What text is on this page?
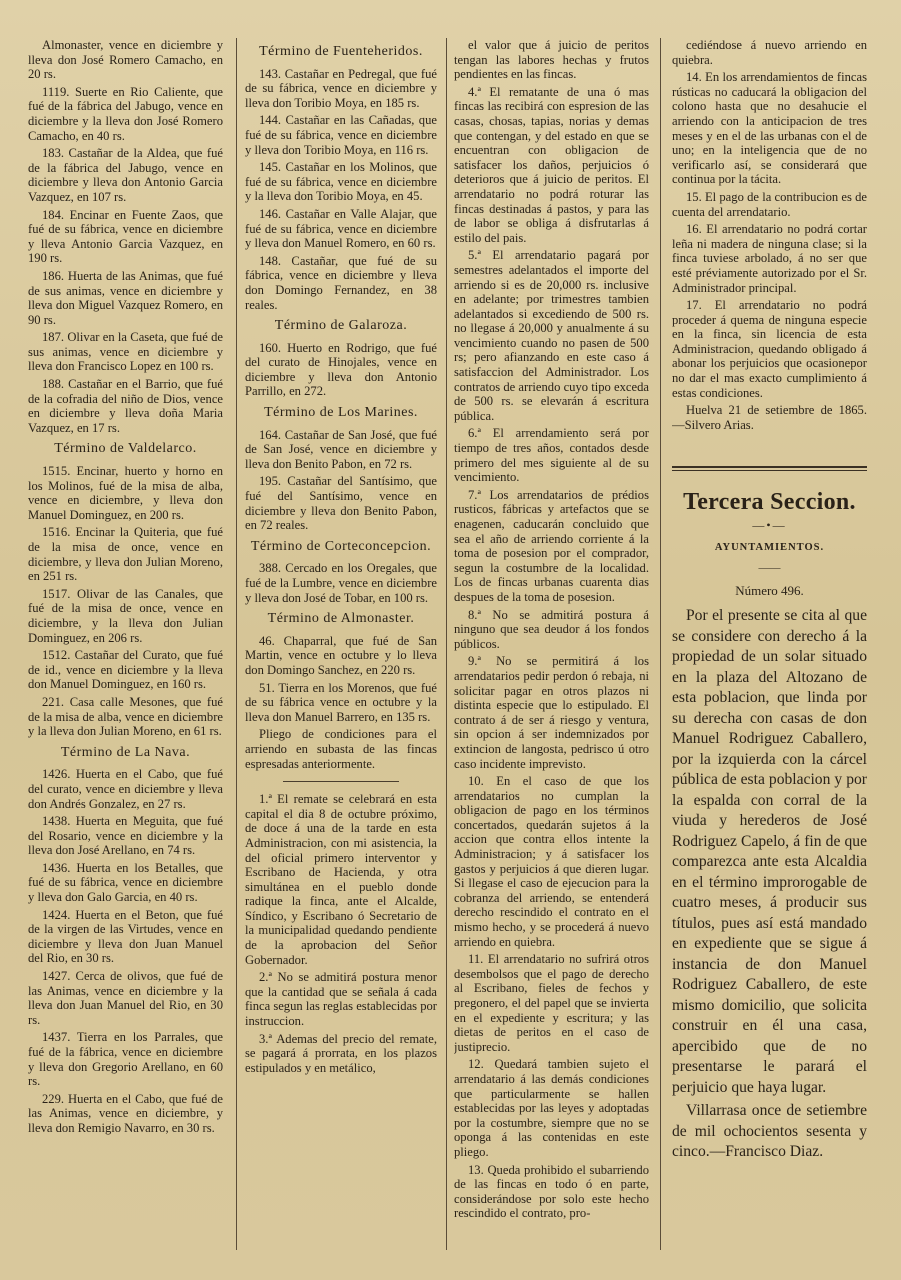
Almonaster, vence en diciembre y lleva don José Romero Camacho, en 20 rs.

1119. Suerte en Rio Caliente, que fué de la fábrica del Jabugo, vence en diciembre y la lleva don José Romero Camacho, en 40 rs.

183. Castañar de la Aldea, que fué de la fábrica del Jabugo, vence en diciembre y lleva don Antonio Garcia Vazquez, en 107 rs.

184. Encinar en Fuente Zaos, que fué de su fábrica, vence en diciembre y lleva Antonio Garcia Vazquez, en 190 rs.

186. Huerta de las Animas, que fué de sus animas, vence en diciembre y lleva don Miguel Vazquez Romero, en 90 rs.

187. Olivar en la Caseta, que fué de sus animas, vence en diciembre y lleva don Francisco Lopez en 100 rs.

188. Castañar en el Barrio, que fué de la cofradia del niño de Dios, vence en diciembre y lleva doña Maria Vazquez, en 17 rs.

Término de Valdelarco.

1515. Encinar, huerto y horno en los Molinos, fué de la misa de alba, vence en diciembre, y lleva don Manuel Dominguez, en 200 rs.

1516. Encinar la Quiteria, que fué de la misa de once, vence en diciembre, y lleva don Julian Moreno, en 251 rs.

1517. Olivar de las Canales, que fué de la misa de once, vence en diciembre, y la lleva don Julian Dominguez, en 206 rs.

1512. Castañar del Curato, que fué de id., vence en diciembre y la lleva don Manuel Dominguez, en 160 rs.

221. Casa calle Mesones, que fué de la misa de alba, vence en diciembre y la lleva don Julian Moreno, en 61 rs.

Término de La Nava.

1426. Huerta en el Cabo, que fué del curato, vence en diciembre y lleva don Andrés Gonzalez, en 27 rs.

1438. Huerta en Meguita, que fué del Rosario, vence en diciembre y la lleva don José Arellano, en 74 rs.

1436. Huerta en los Betalles, que fué de su fábrica, vence en diciembre y lleva don Galo Garcia, en 40 rs.

1424. Huerta en el Beton, que fué de la virgen de las Virtudes, vence en diciembre y lleva don Juan Manuel del Rio, en 30 rs.

1427. Cerca de olivos, que fué de las Animas, vence en diciembre y la lleva don Juan Manuel del Rio, en 30 rs.

1437. Tierra en los Parrales, que fué de la fábrica, vence en diciembre y lleva don Gregorio Arellano, en 60 rs.

229. Huerta en el Cabo, que fué de las Animas, vence en diciembre, y lleva don Remigio Navarro, en 30 rs.

Término de Fuenteheridos.

143. Castañar en Pedregal, que fué de su fábrica, vence en diciembre y lleva don Toribio Moya, en 185 rs.

144. Castañar en las Cañadas, que fué de su fábrica, vence en diciembre y lleva don Toribio Moya, en 116 rs.

145. Castañar en los Molinos, que fué de su fábrica, vence en diciembre y la lleva don Toribio Moya, en 45.

146. Castañar en Valle Alajar, que fué de su fábrica, vence en diciembre y lleva don Manuel Romero, en 60 rs.

148. Castañar, que fué de su fábrica, vence en diciembre y lleva don Domingo Fernandez, en 38 reales.

Término de Galaroza.

160. Huerto en Rodrigo, que fué del curato de Hinojales, vence en diciembre y lleva don Antonio Parrillo, en 272.

Término de Los Marines.

164. Castañar de San José, que fué de San José, vence en diciembre y lleva don Benito Pabon, en 72 rs.

195. Castañar del Santísimo, que fué del Santísimo, vence en diciembre y lleva don Benito Pabon, en 72 reales.

Término de Corteconcepcion.

388. Cercado en los Oregales, que fué de la Lumbre, vence en diciembre y lleva don José de Tobar, en 100 rs.

Término de Almonaster.

46. Chaparral, que fué de San Martin, vence en octubre y lo lleva don Domingo Sanchez, en 220 rs.

51. Tierra en los Morenos, que fué de su fábrica vence en octubre y la lleva don Manuel Barrero, en 135 rs.

Pliego de condiciones para el arriendo en subasta de las fincas espresadas anteriormente.

1.ª El remate se celebrará en esta capital el dia 8 de octubre próximo, de doce á una de la tarde en esta Administracion, con mi asistencia, la del oficial primero interventor y Escribano de Hacienda, y otra simultánea en el pueblo donde radique la finca, ante el Alcalde, Síndico, y Escribano ó Secretario de la municipalidad quedando pendiente de la aprobacion del Señor Gobernador.

2.ª No se admitirá postura menor que la cantidad que se señala á cada finca segun las reglas establecidas por instruccion.

3.ª Ademas del precio del remate, se pagará á prorrata, en los plazos estipulados y en metálico,

el valor que á juicio de peritos tengan las labores hechas y frutos pendientes en las fincas.

4.ª El rematante de una ó mas fincas las recibirá con espresion de las casas, chosas, tapias, norias y demas que contengan, y del estado en que se encuentran con obligacion de satisfacer los daños, perjuicios ó deterioros que á juicio de peritos. El arrendatario no podrá roturar las fincas destinadas á pastos, y para las de labor se obliga á disfrutarlas á estilo del pais.

5.ª El arrendatario pagará por semestres adelantados el importe del arriendo si es de 20,000 rs. inclusive en adelante; por trimestres tambien adelantados si excediendo de 500 rs. no llegase á 20,000 y anualmente á su vencimiento cuando no pasen de 500 rs; pero afianzando en este caso á satisfaccion del Administrador. Los contratos de arriendo cuyo tipo exceda de 500 rs. se elevarán á escritura pública.

6.ª El arrendamiento será por tiempo de tres años, contados desde primero del mes siguiente al de su vencimiento.

7.ª Los arrendatarios de prédios rusticos, fábricas y artefactos que se enagenen, caducarán concluido que sea el año de arriendo corriente á la toma de posesion por el comprador, segun la costumbre de la localidad. Los de fincas urbanas cuarenta dias despues de la toma de posesion.

8.ª No se admitirá postura á ninguno que sea deudor á los fondos públicos.

9.ª No se permitirá á los arrendatarios pedir perdon ó rebaja, ni solicitar pagar en otros plazos ni distinta especie que lo estipulado. El contrato á de ser á riesgo y ventura, sin opcion á ser indemnizados por extincion de langosta, pedrisco ú otro caso incidente imprevisto.

10. En el caso de que los arrendatarios no cumplan la obligacion de pago en los términos concertados, quedarán sujetos á la accion que contra ellos intente la Administracion; y á satisfacer los gastos y perjuicios á que dieren lugar. Si llegase el caso de ejecucion para la cobranza del arriendo, se entenderá derecho rescindido el contrato en el mismo hecho, y se procederá á nuevo arriendo en quiebra.

11. El arrendatario no sufrirá otros desembolsos que el pago de derecho al Escribano, fieles de fechos y pregonero, el del papel que se invierta en el expediente y escritura; y las dietas de peritos en el caso de justiprecio.

12. Quedará tambien sujeto el arrendatario á las demás condiciones que particularmente se hallen establecidas por las leyes y adoptadas por la costumbre, siempre que no se oponga á las contenidas en este pliego.

13. Queda prohibido el subarriendo de las fincas en todo ó en parte, considerándose por solo este hecho rescindido el contrato, pro-

cediéndose á nuevo arriendo en quiebra.

14. En los arrendamientos de fincas rústicas no caducará la obligacion del colono hasta que no desahucie el arriendo con la anticipacion de tres meses y en el de las urbanas con el de uno; en la inteligencia que de no verificarlo así, se considerará que continua por la tácita.

15. El pago de la contribucion es de cuenta del arrendatario.

16. El arrendatario no podrá cortar leña ni madera de ninguna clase; si la finca tuviese arbolado, á no ser que esté préviamente autorizado por el Sr. Administrador principal.

17. El arrendatario no podrá proceder á quema de ninguna especie en la finca, sin licencia de esta Administracion, quedando obligado á abonar los perjuicios que ocasionepor no dar el mas exacto cumplimiento á estas condiciones.

Huelva 21 de setiembre de 1865. —Silvero Arias.

Tercera Seccion.
—•—
AYUNTAMIENTOS.
——
Número 496.

Por el presente se cita al que se considere con derecho á la propiedad de un solar situado en la plaza del Altozano de esta poblacion, que linda por su derecha con casas de don Manuel Rodriguez Caballero, por la izquierda con la cárcel pública de esta poblacion y por la espalda con corral de la viuda y herederos de José Rodriguez Capelo, á fin de que comparezca ante esta Alcaldia en el término improrogable de cuatro meses, á producir sus títulos, pues así está mandado en expediente que se sigue á instancia de don Manuel Rodriguez Caballero, de este mismo domicilio, que solicita construir en él una casa, apercibido que de no presentarse le parará el perjuicio que haya lugar.

Villarrasa once de setiembre de mil ochocientos sesenta y cinco.—Francisco Diaz.
